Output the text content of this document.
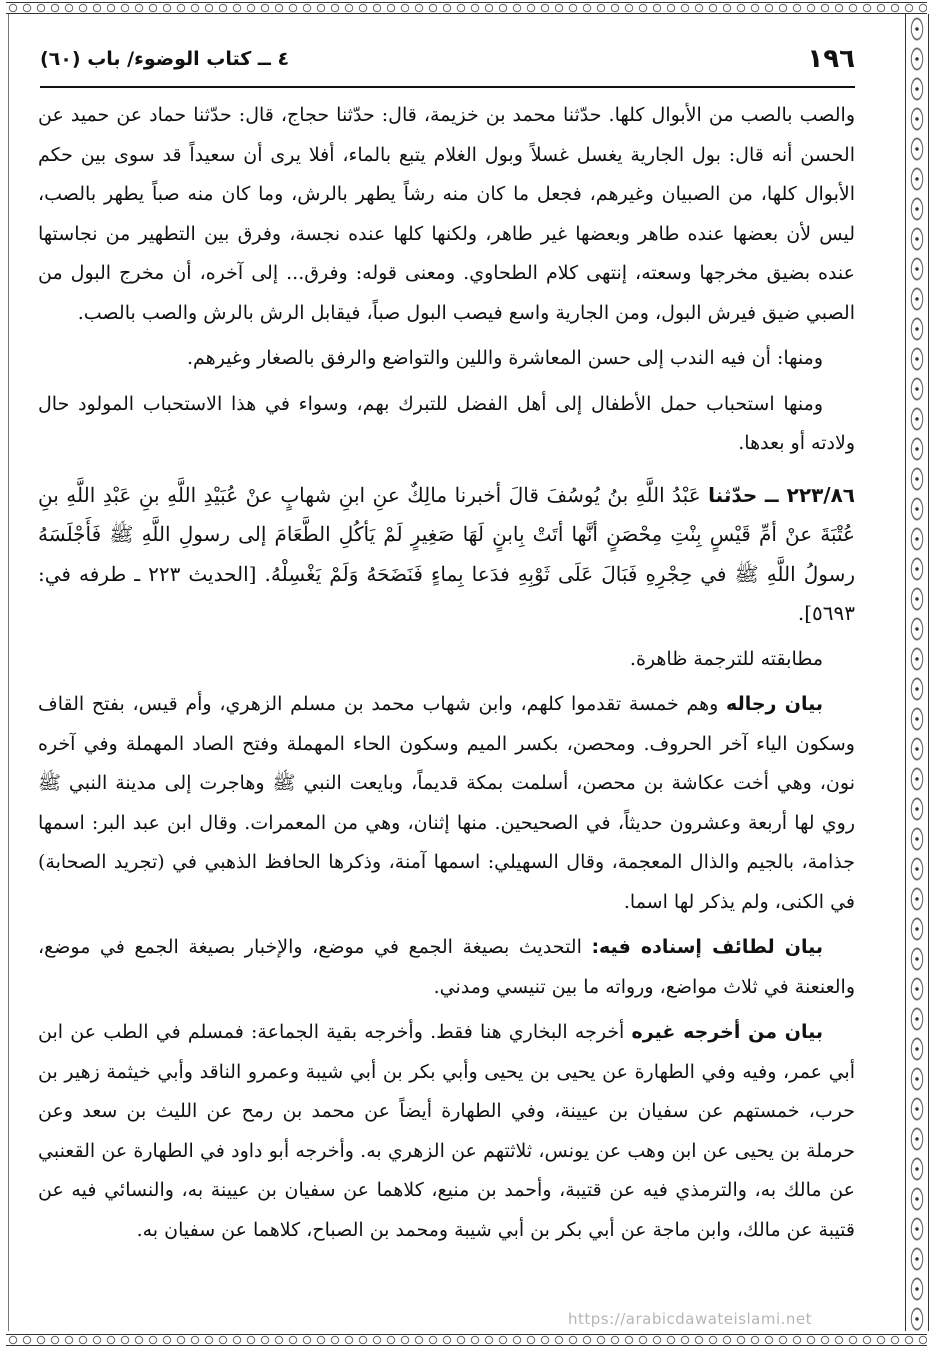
١٩٦
٤ ــ كتاب الوضوء/ باب (٦٠)

والصب بالصب من الأبوال كلها. حدّثنا محمد بن خزيمة، قال: حدّثنا حجاج، قال: حدّثنا حماد عن حميد عن الحسن أنه قال: بول الجارية يغسل غسلاً وبول الغلام يتبع بالماء، أفلا يرى أن سعيداً قد سوى بين حكم الأبوال كلها، من الصبيان وغيرهم، فجعل ما كان منه رشاً يطهر بالرش، وما كان منه صباً يطهر بالصب، ليس لأن بعضها عنده طاهر وبعضها غير طاهر، ولكنها كلها عنده نجسة، وفرق بين التطهير من نجاستها عنده بضيق مخرجها وسعته، إنتهى كلام الطحاوي. ومعنى قوله: وفرق... إلى آخره، أن مخرج البول من الصبي ضيق فيرش البول، ومن الجارية واسع فيصب البول صباً، فيقابل الرش بالرش والصب بالصب.

ومنها: أن فيه الندب إلى حسن المعاشرة واللين والتواضع والرفق بالصغار وغيرهم.

ومنها استحباب حمل الأطفال إلى أهل الفضل للتبرك بهم، وسواء في هذا الاستحباب المولود حال ولادته أو بعدها.

٢٢٣/٨٦ ــ حدّثنا عَبْدُ اللَّهِ بنُ يُوسُفَ قالَ أخبرنا مالِكٌ عنِ ابنِ شهابٍ عنْ عُبَيْدِ اللَّهِ بنِ عَبْدِ اللَّهِ بنِ عُتْبَةَ عنْ أمِّ قَيْسٍ بِنْتِ مِحْصَنٍ أنَّها أتَتْ بِابنٍ لَهَا صَغِيرٍ لَمْ يَأكُلِ الطَّعَامَ إلى رسولِ اللَّهِ ﷺ فَأَجْلَسَهُ رسولُ اللَّهِ ﷺ في حِجْرِهِ فَبَالَ عَلَى ثَوْبِهِ فدَعا بِماءٍ فَنَضَحَهُ وَلَمْ يَغْسِلْهُ. [الحديث ٢٢٣ ـ طرفه في: ٥٦٩٣].

مطابقته للترجمة ظاهرة.

بيان رجاله وهم خمسة تقدموا كلهم، وابن شهاب محمد بن مسلم الزهري، وأم قيس، بفتح القاف وسكون الياء آخر الحروف. ومحصن، بكسر الميم وسكون الحاء المهملة وفتح الصاد المهملة وفي آخره نون، وهي أخت عكاشة بن محصن، أسلمت بمكة قديماً، وبايعت النبي ﷺ وهاجرت إلى مدينة النبي ﷺ روي لها أربعة وعشرون حديثاً، في الصحيحين. منها إثنان، وهي من المعمرات. وقال ابن عبد البر: اسمها جذامة، بالجيم والذال المعجمة، وقال السهيلي: اسمها آمنة، وذكرها الحافظ الذهبي في (تجريد الصحابة) في الكنى، ولم يذكر لها اسما.

بيان لطائف إسناده فيه: التحديث بصيغة الجمع في موضع، والإخبار بصيغة الجمع في موضع، والعنعنة في ثلاث مواضع، ورواته ما بين تنيسي ومدني.

بيان من أخرجه غيره أخرجه البخاري هنا فقط. وأخرجه بقية الجماعة: فمسلم في الطب عن ابن أبي عمر، وفيه وفي الطهارة عن يحيى بن يحيى وأبي بكر بن أبي شيبة وعمرو الناقد وأبي خيثمة زهير بن حرب، خمستهم عن سفيان بن عيينة، وفي الطهارة أيضاً عن محمد بن رمح عن الليث بن سعد وعن حرملة بن يحيى عن ابن وهب عن يونس، ثلاثتهم عن الزهري به. وأخرجه أبو داود في الطهارة عن القعنبي عن مالك به، والترمذي فيه عن قتيبة، وأحمد بن منيع، كلاهما عن سفيان بن عيينة به، والنسائي فيه عن قتيبة عن مالك، وابن ماجة عن أبي بكر بن أبي شيبة ومحمد بن الصباح، كلاهما عن سفيان به.

https://arabicdawateislami.net
